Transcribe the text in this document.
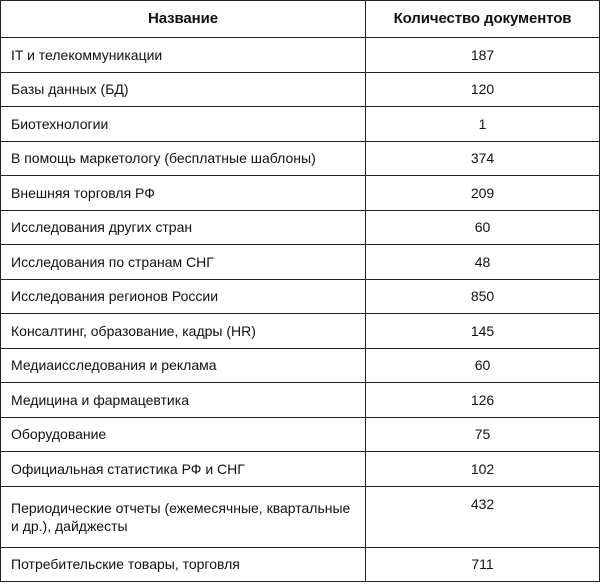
Название	Количество документов
IT и телекоммуникации	187
Базы данных (БД)	120
Биотехнологии	1
В помощь маркетологу (бесплатные шаблоны)	374
Внешняя торговля РФ	209
Исследования других стран	60
Исследования по странам СНГ	48
Исследования регионов России	850
Консалтинг, образование, кадры (HR)	145
Медиаисследования и реклама	60
Медицина и фармацевтика	126
Оборудование	75
Официальная статистика РФ и СНГ	102
Периодические отчеты (ежемесячные, квартальные и др.), дайджесты	432
Потребительские товары, торговля	711
